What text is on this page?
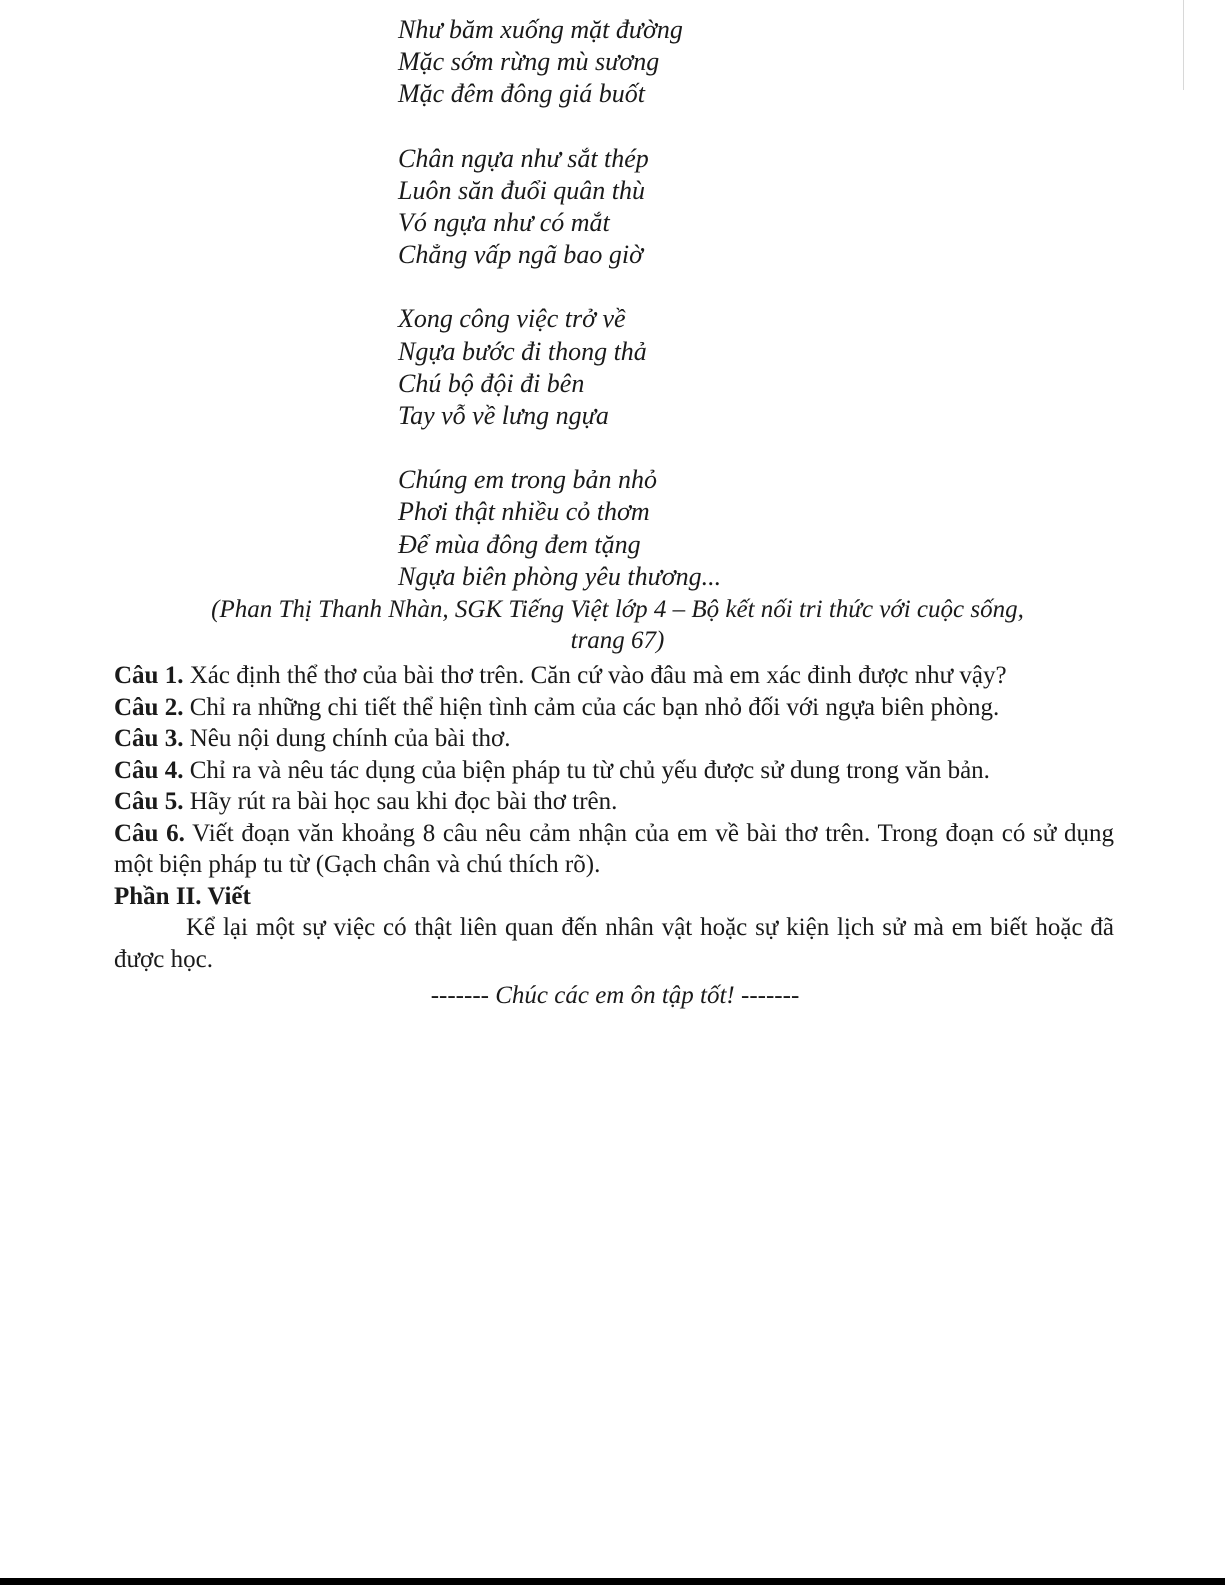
Như băm xuống mặt đường
Mặc sớm rừng mù sương
Mặc đêm đông giá buốt
Chân ngựa như sắt thép
Luôn săn đuổi quân thù
Vó ngựa như có mắt
Chẳng vấp ngã bao giờ
Xong công việc trở về
Ngựa bước đi thong thả
Chú bộ đội đi bên
Tay vỗ về lưng ngựa
Chúng em trong bản nhỏ
Phơi thật nhiều cỏ thơm
Để mùa đông đem tặng
Ngựa biên phòng yêu thương...
(Phan Thị Thanh Nhàn, SGK Tiếng Việt lớp 4 – Bộ kết nối tri thức với cuộc sống,
trang 67)
Câu 1. Xác định thể thơ của bài thơ trên. Căn cứ vào đâu mà em xác đinh được như vậy?
Câu 2. Chỉ ra những chi tiết thể hiện tình cảm của các bạn nhỏ đối với ngựa biên phòng.
Câu 3. Nêu nội dung chính của bài thơ.
Câu 4. Chỉ ra và nêu tác dụng của biện pháp tu từ chủ yếu được sử dung trong văn bản.
Câu 5. Hãy rút ra bài học sau khi đọc bài thơ trên.
Câu 6. Viết đoạn văn khoảng 8 câu nêu cảm nhận của em về bài thơ trên. Trong đoạn có sử dụng một biện pháp tu từ (Gạch chân và chú thích rõ).
Phần II. Viết
Kể lại một sự việc có thật liên quan đến nhân vật hoặc sự kiện lịch sử mà em biết hoặc đã được học.
------- Chúc các em ôn tập tốt! -------
